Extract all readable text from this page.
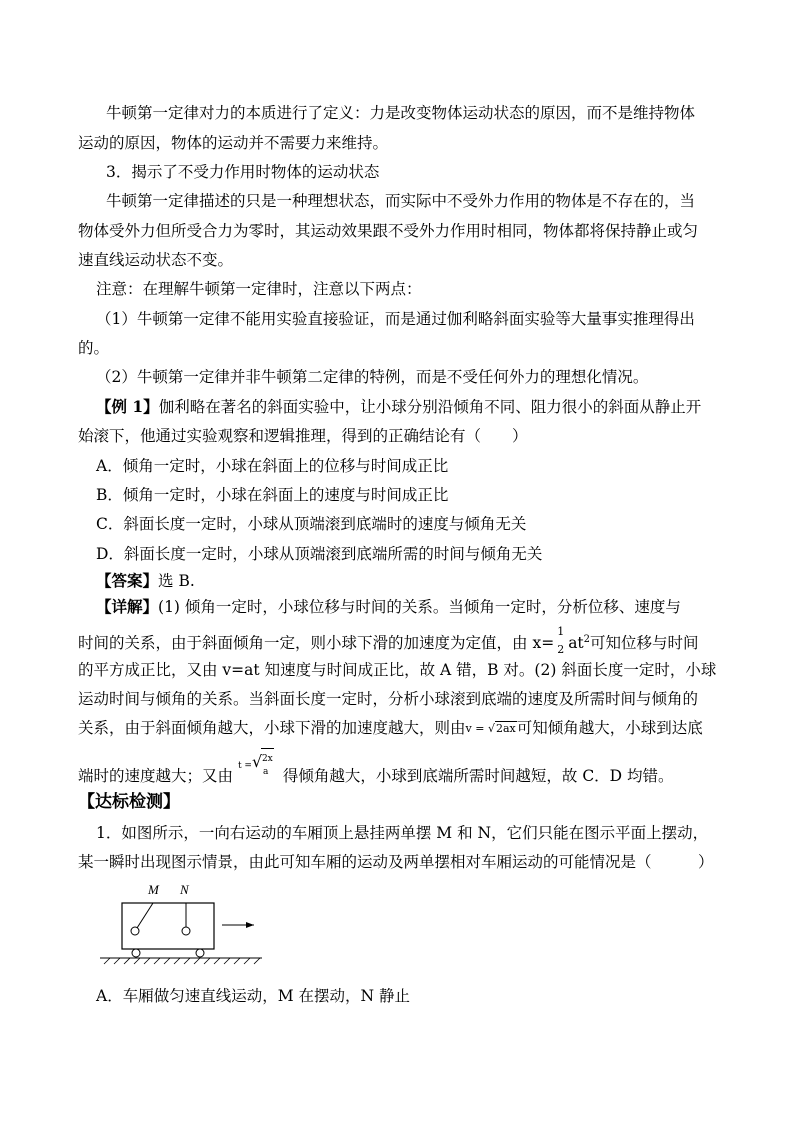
牛顿第一定律对力的本质进行了定义：力是改变物体运动状态的原因，而不是维持物体
运动的原因，物体的运动并不需要力来维持。
3．揭示了不受力作用时物体的运动状态
牛顿第一定律描述的只是一种理想状态，而实际中不受外力作用的物体是不存在的，当
物体受外力但所受合力为零时，其运动效果跟不受外力作用时相同，物体都将保持静止或匀
速直线运动状态不变。
注意：在理解牛顿第一定律时，注意以下两点：
（1）牛顿第一定律不能用实验直接验证，而是通过伽利略斜面实验等大量事实推理得出
的。
（2）牛顿第一定律并非牛顿第二定律的特例，而是不受任何外力的理想化情况。
【例 1】伽利略在著名的斜面实验中，让小球分别沿倾角不同、阻力很小的斜面从静止开
始滚下，他通过实验观察和逻辑推理，得到的正确结论有（　　）
A．倾角一定时，小球在斜面上的位移与时间成正比
B．倾角一定时，小球在斜面上的速度与时间成正比
C．斜面长度一定时，小球从顶端滚到底端时的速度与倾角无关
D．斜面长度一定时，小球从顶端滚到底端所需的时间与倾角无关
【答案】选 B.
【详解】(1) 倾角一定时，小球位移与时间的关系。当倾角一定时，分析位移、速度与
时间的关系，由于斜面倾角一定，则小球下滑的加速度为定值，由 x=
1
2 $at^2$可知位移与时间
的平方成正比，又由 v=at 知速度与时间成正比，故 A 错，B 对。(2) 斜面长度一定时，小球
运动时间与倾角的关系。当斜面长度一定时，分析小球滚到底端的速度及所需时间与倾角的
关系，由于斜面倾角越大，小球下滑的加速度越大，则由v = √2ax可知倾角越大，小球到达底
端时的速度越大；又由
t = √ 2x
a 得倾角越大，小球到底端所需时间越短，故 C．D 均错。
【达标检测】
1．如图所示，一向右运动的车厢顶上悬挂两单摆 M 和 N，它们只能在图示平面上摆动，
某一瞬时出现图示情景，由此可知车厢的运动及两单摆相对车厢运动的可能情况是（　　　）
M N
A．车厢做匀速直线运动，M 在摆动，N 静止
